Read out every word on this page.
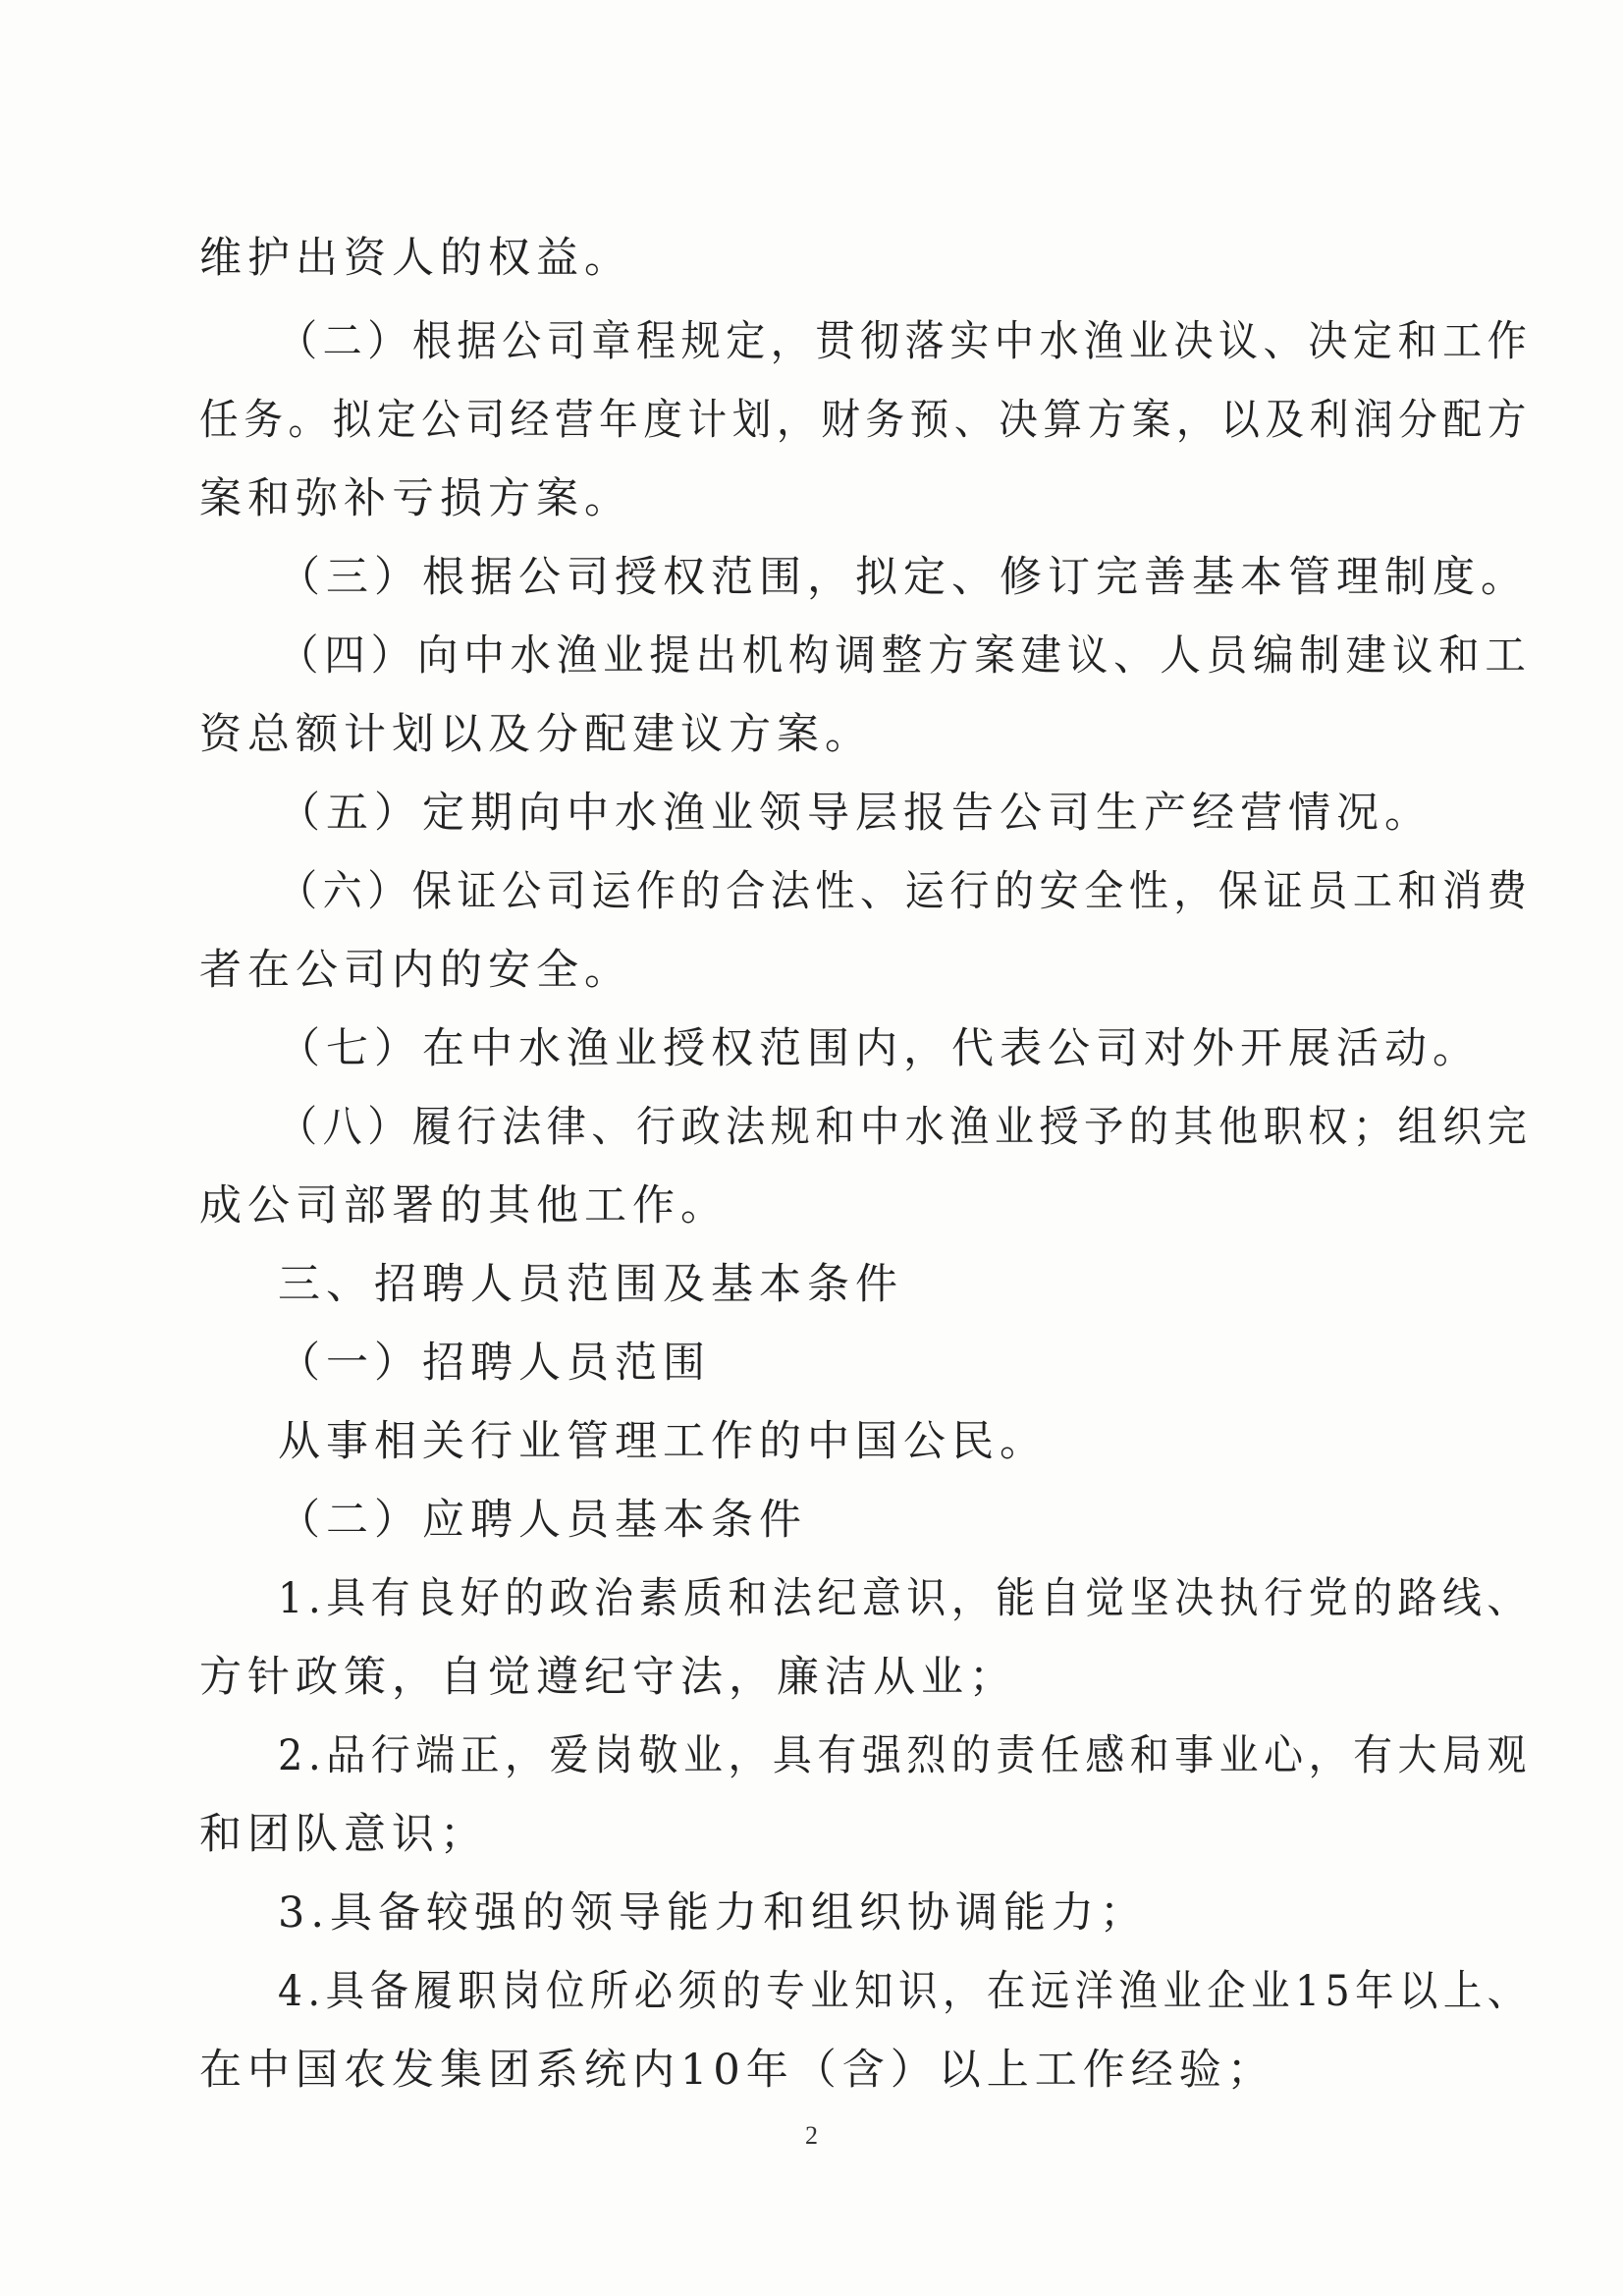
维护出资人的权益。

（二）根据公司章程规定，贯彻落实中水渔业决议、决定和工作

任务。拟定公司经营年度计划，财务预、决算方案，以及利润分配方

案和弥补亏损方案。

（三）根据公司授权范围，拟定、修订完善基本管理制度。

（四）向中水渔业提出机构调整方案建议、人员编制建议和工

资总额计划以及分配建议方案。

（五）定期向中水渔业领导层报告公司生产经营情况。

（六）保证公司运作的合法性、运行的安全性，保证员工和消费

者在公司内的安全。

（七）在中水渔业授权范围内，代表公司对外开展活动。

（八）履行法律、行政法规和中水渔业授予的其他职权；组织完

成公司部署的其他工作。

三、招聘人员范围及基本条件

（一）招聘人员范围

从事相关行业管理工作的中国公民。

（二）应聘人员基本条件

1.具有良好的政治素质和法纪意识，能自觉坚决执行党的路线、

方针政策，自觉遵纪守法，廉洁从业；

2.品行端正，爱岗敬业，具有强烈的责任感和事业心，有大局观

和团队意识；

3.具备较强的领导能力和组织协调能力；

4.具备履职岗位所必须的专业知识，在远洋渔业企业15年以上、

在中国农发集团系统内10年（含）以上工作经验；

2
